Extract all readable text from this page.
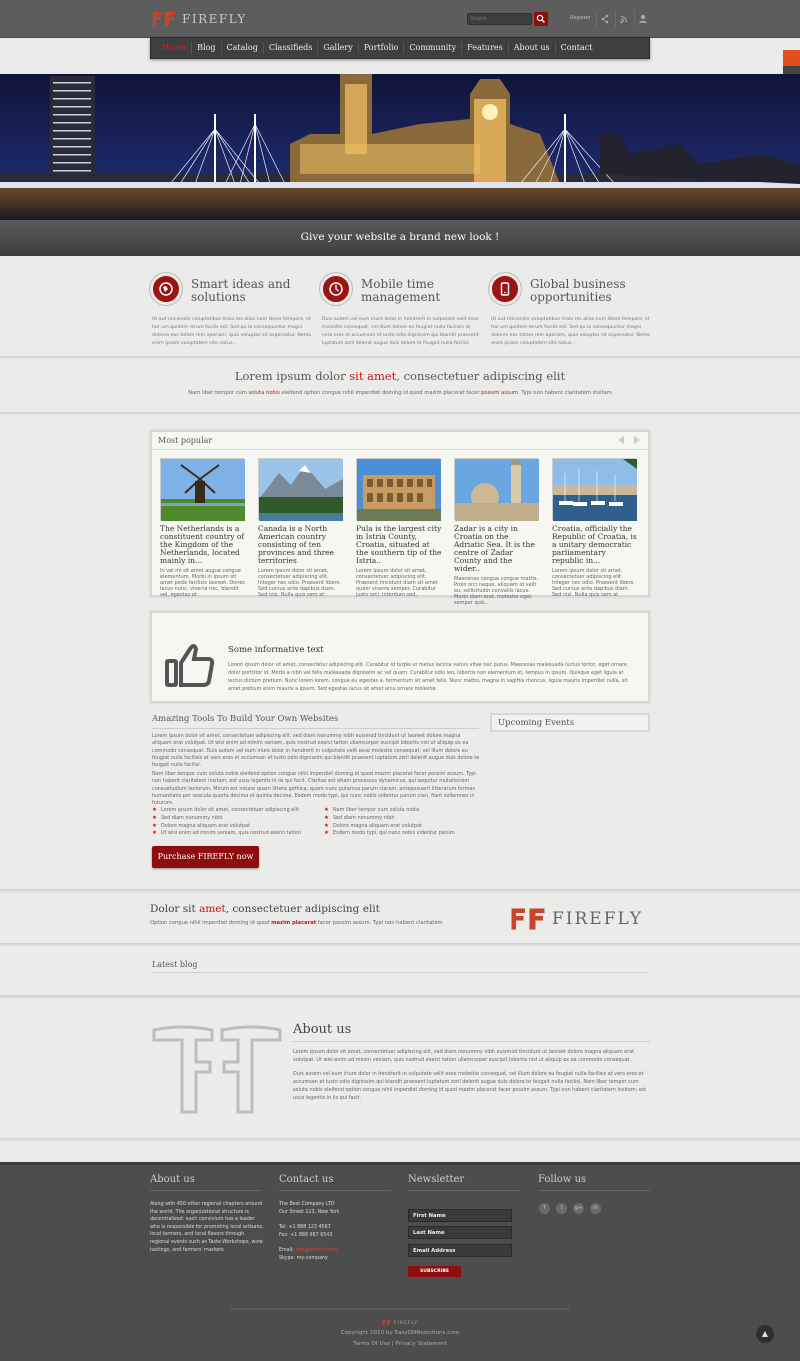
FIREFLY
Search	Register
Home	Blog	Catalog	Classifieds	Gallery	Portfolio	Community	Features	About us	Contact
Give your website a brand new look !
Smart ideas and
solutions
Ut aut reiciendis voluptatibus maio res alias num libero tempore, et har um quidem rerum facilis est. Sed qu la consequuntur magni dolores eos totam rem aperiam, quia voluptas sit aspernatur. Nemo enim ipsam voluptatem site natus..
Mobile time
management
Duis autem vel eum iriure dolor in hendrerit in vulputate velit esse molestie consequat, vel illum dolore eu feugiat nulla facilisis at vero eros et accumsan et iusto odio dignissim qui blandit praesent luptatum zzril delenit augue duis dolore te feugait nulla facilisi
Global business
opportunities
Ut aut reiciendis voluptatibus maio res alias num libero tempore, et har um quidem rerum facilis est. Sed qu la consequuntur magni dolores eos totam rem aperiam, quia voluptas sit aspernatur. Nemo enim ipsam voluptatem site natus..
Lorem ipsum dolor sit amet, consectetuer adipiscing elit
Nam liber tempor cum soluta nobis eleifend option congue nihil imperdiet doming id quod mazim placerat facer possim assum. Typi non habent claritatem insitam
Most popular
The Netherlands is a constituent country of the Kingdom of the Netherlands, located mainly in...
In vel mi sit amet augue congue elementum. Morbi in ipsum sit amet pede facilisis laoreet. Donec lacus nunc, viverra nec, blandit vel, egestas et
Canada is a North American country consisting of ten provinces and three territories
Lorem ipsum dolor sit amet, consectetuer adipiscing elit. Integer nec odio. Praesent libero. Sed cursus ante dapibus diam. Sed nisi. Nulla quis sem at
Pula is the largest city in Istria County, Croatia, situated at the southern tip of the Istria..
Lorem ipsum dolor sit amet, consectetuer adipiscing elit. Praesent tincidunt diam sit amet quam viverra semper. Curabitur justo orci, interdum sed..
Zadar is a city in Croatia on the Adriatic Sea. It is the centre of Zadar County and the wider..
Maecenas congue congue mattis. Proin orci neque, aliquam id velit eu, sollicitudin convallis lacus. Morbi diam erat, molestie eget semper quis..
Croatia, officially the Republic of Croatia, is a unitary democratic parliamentary republic in...
Lorem ipsum dolor sit amet, consectetuer adipiscing elit. Integer nec odio. Praesent libero. Sed cursus ante dapibus diam. Sed nisi. Nulla quis sem at
Some informative text
Lorem ipsum dolor sit amet, consectetur adipiscing elit. Curabitur id turpis ut metus lacinia varius vitae nec purus. Maecenas malesuada luctus tortor, eget ornare dolor porttitor id. Morbi a nibh vel felis malesuada dignissim ac vel quam. Curabitur odio leo, lobortis non elementum et, tempus in ipsum. Quisque eget ligula at lectus dictum pretium. Nunc lorem lorem, congue eu egestas a, fermentum sit amet felis. Nunc mattis, magna in sagittis rhoncus, ligula mauris imperdiet nulla, sit amet pretium enim mauris a ipsum. Sed egestas lacus sit amet arcu ornare molestie.
Amazing Tools To Build Your Own Websites
Lorem ipsum dolor sit amet, consectetuer adipiscing elit, sed diam nonummy nibh euismod tincidunt ut laoreet dolore magna aliquam erat volutpat. Ut wisi enim ad minim veniam, quis nostrud exerci tation ullamcorper suscipit lobortis nisl ut aliquip ex ea commodo consequat. Duis autem vel eum iriure dolor in hendrerit in vulputate velit esse molestie consequat, vel illum dolore eu feugiat nulla facilisis at vero eros et accumsan et iusto odio dignissim qui blandit praesent luptatum zzril delenit augue duis dolore te feugait nulla facilisi.
Nam liber tempor cum soluta nobis eleifend option congue nihil imperdiet doming id quod mazim placerat facer possim assum. Typi non habent claritatem insitam; est usus legentis in iis qui facit. Claritas est etiam processus dynamicus, qui sequitur mutationem consuetudium lectorum. Mirum est notare quam littera gothica, quam nunc putamus parum claram, anteposuerit litterarum formas humanitatis per seacula quarta decima et quinta decima. Eodem modo typi, qui nunc nobis videntur parum clari, fiant sollemnes in futurum.
★ Lorem ipsum dolor sit amet, consectetuer adipiscing elit
★ Sed diam nonummy nibh
★ Dolore magna aliquam erat volutpat
★ Ut wisi enim ad minim veniam, quis nostrud exerci tation
★ Nam liber tempor cum soluta nobis
★ Sed diam nonummy nibh
★ Dolore magna aliquam erat volutpat
★ Eodem modo typi, qui nunc nobis videntur parum
Purchase FIREFLY now
Upcoming Events
Dolor sit amet, consectetuer adipiscing elit
Option congue nihil imperdiet doming id quod mazim placerat facer possim assum. Typi non habent claritatem	FIREFLY
Latest blog
About us
Lorem ipsum dolor sit amet, consectetuer adipiscing elit, sed diam nonummy nibh euismod tincidunt ut laoreet dolore magna aliquam erat volutpat. Ut wisi enim ad minim veniam, quis nostrud exerci tation ullamcorper suscipit lobortis nisl ut aliquip ex ea commodo consequat.
Duis autem vel eum iriure dolor in hendrerit in vulputate velit esse molestie consequat, vel illum dolore eu feugiat nulla facilisis at vero eros et accumsan et iusto odio dignissim qui blandit praesent luptatum zzril delenit augue duis dolore te feugait nulla facilisi. Nam liber tempor cum soluta nobis eleifend option congue nihil imperdiet doming id quod mazim placerat facer possim assum. Typi non habent claritatem insitam; est usus legentis in iis qui facit.
About us
Along with 450 other regional chapters around the world. The organizational structure is decentralized: each convivium has a leader who is responsible for promoting local artisans, local farmers, and local flavors through regional events such as Taste Workshops, wine tastings, and farmers' markets
Contact us
The Best Company LTD
Our Street 123, New York
Tel: +1 888 123 4567
Fax: +1 888 987 6543
Email: info@mysite.com
Skype: my-company
Newsletter
First Name
Last Name
Email Address
SUBSCRIBE
Follow us
f	t	g+	in
FIREFLY
Copyright 2020 by EasyDNNsolutions.com
Terms Of Use | Privacy Statement
▲
